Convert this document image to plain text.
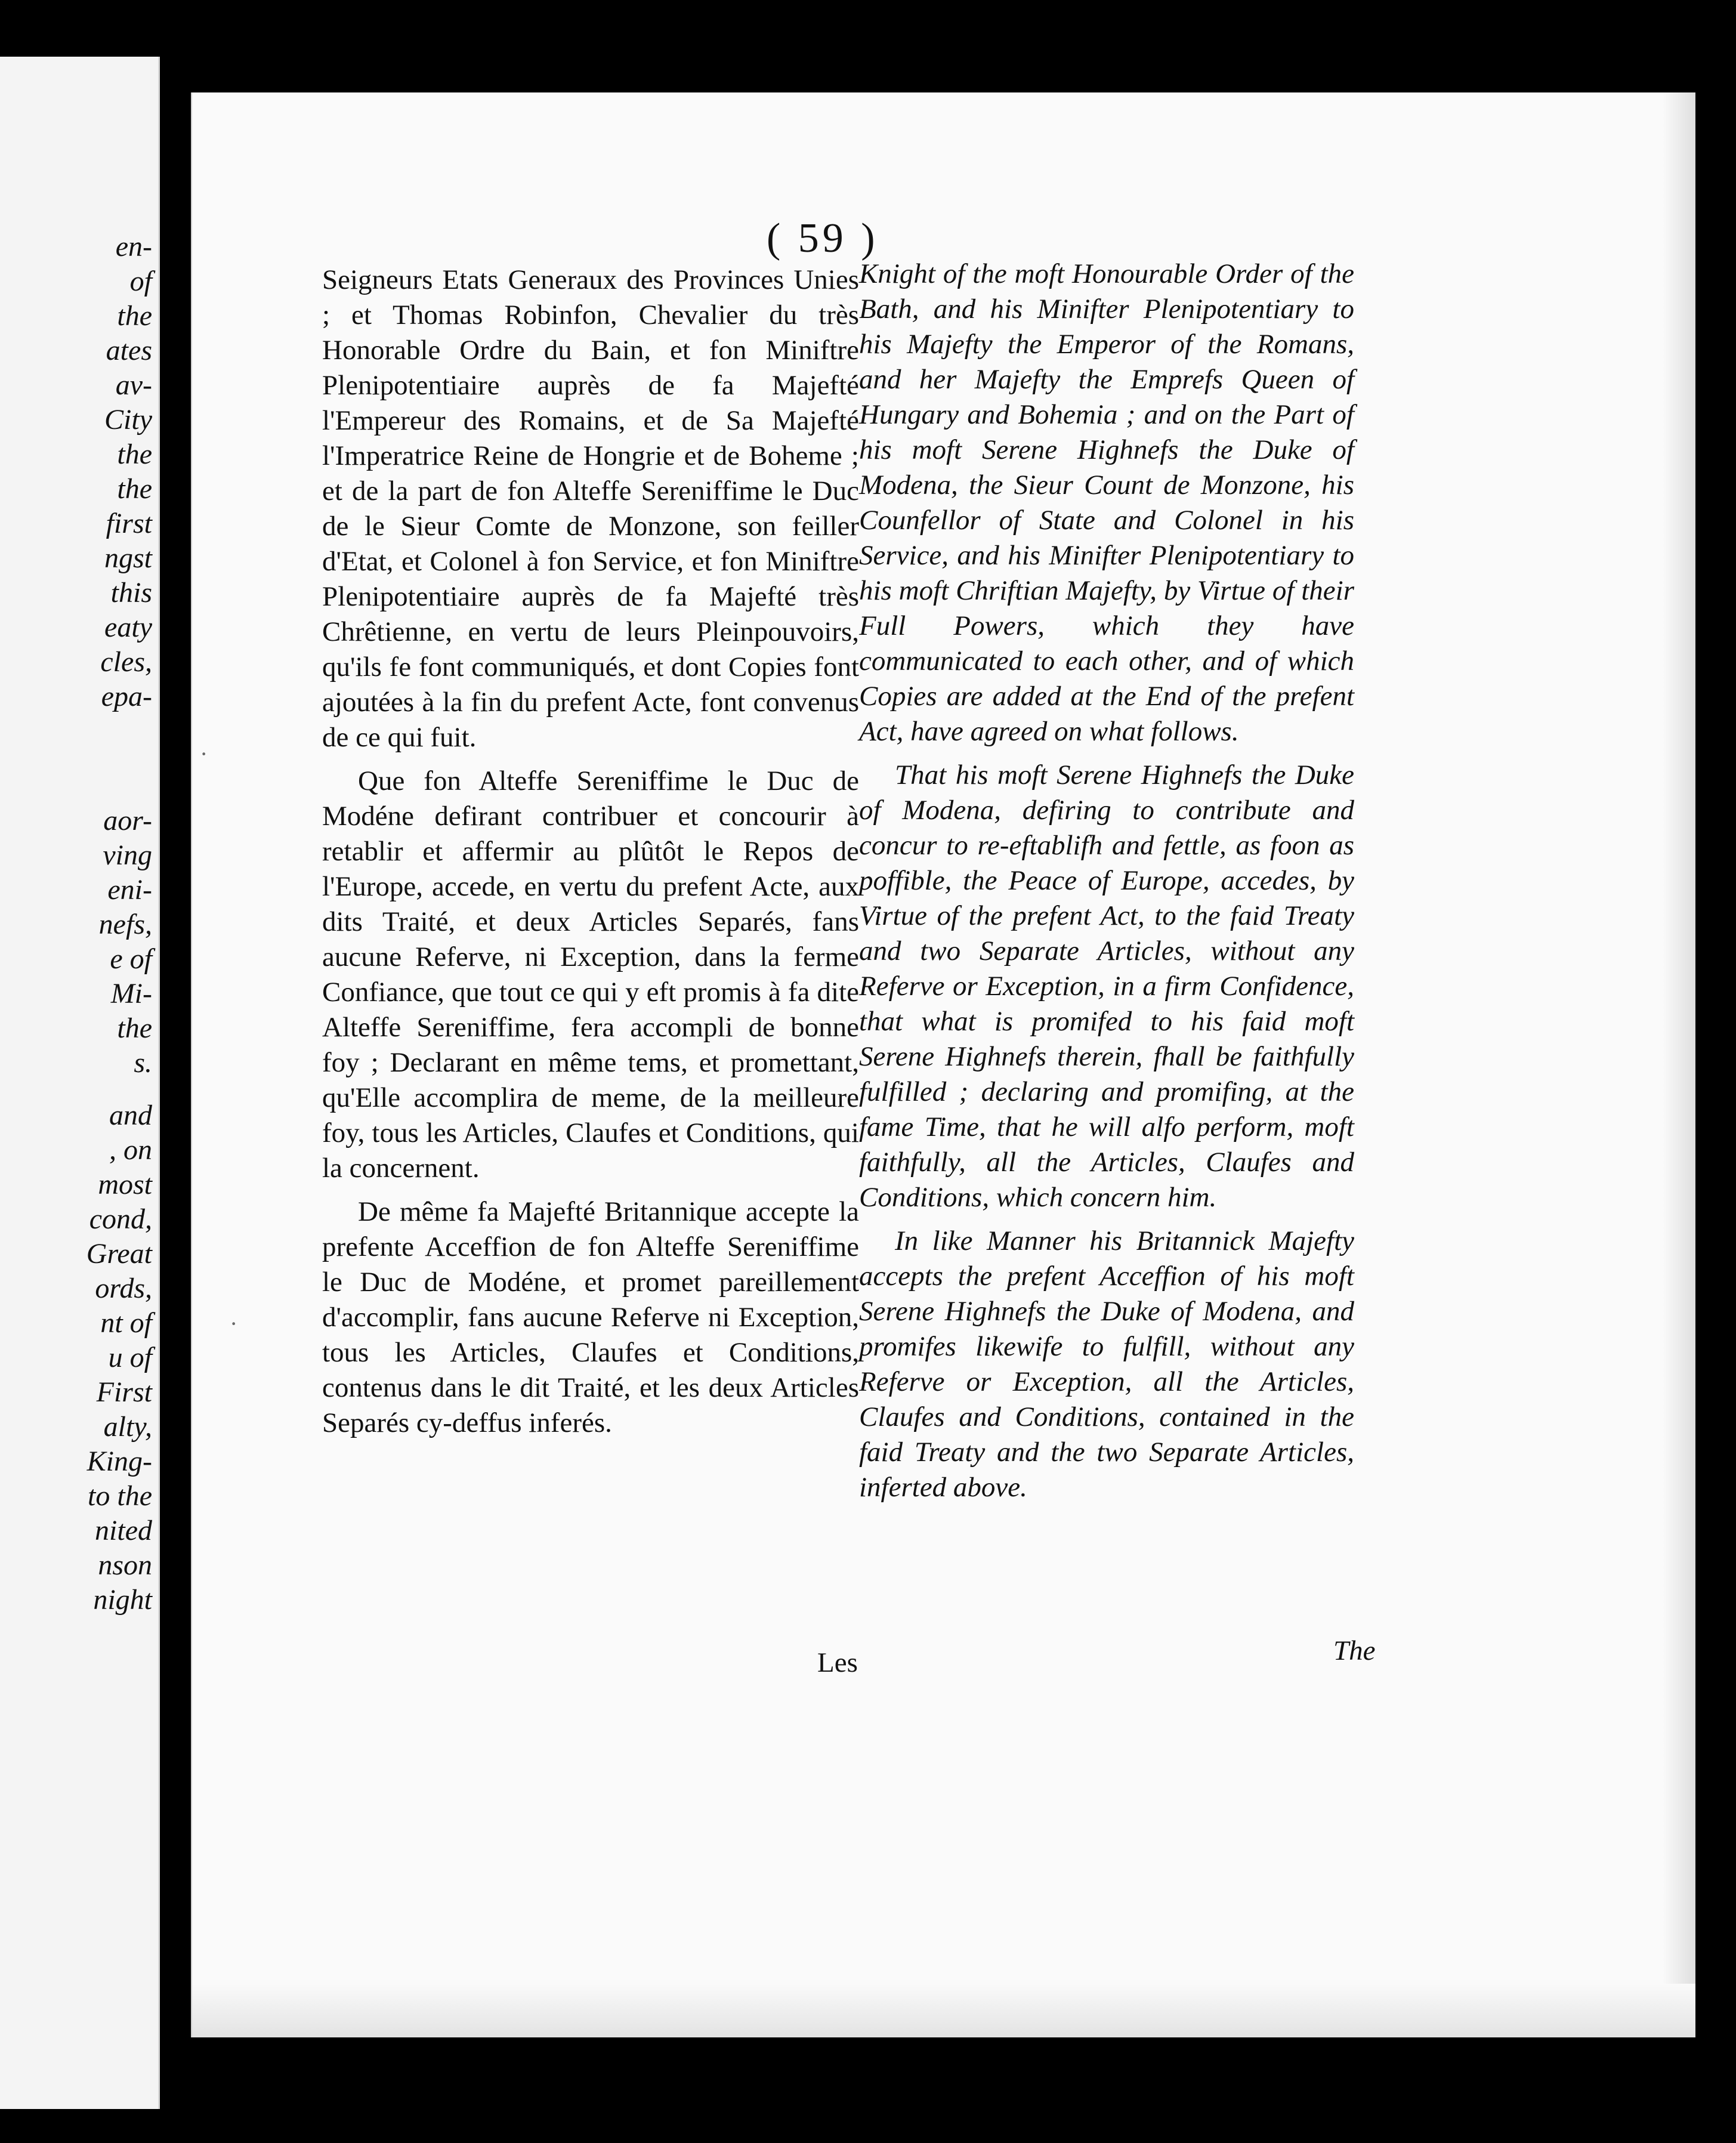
en-
of
the
ates
av-
City
the
the
first
ngst
this
eaty
cles,
epa-
aor-
ving
eni-
nefs,
e of
Mi-
the
s.
and
, on
most
cond,
Great
ords,
nt of
u of
First
alty,
King-
to the
nited
nson
night
( 59 )

Seigneurs Etats Generaux des Provinces Unies ; et Thomas Robinfon, Chevalier du très Honorable Ordre du Bain, et fon Miniftre Plenipotentiaire auprès de fa Majefté l'Empereur des Romains, et de Sa Majefté l'Imperatrice Reine de Hongrie et de Boheme ; et de la part de fon Alteffe Sereniffime le Duc de le Sieur Comte de Monzone, son feiller d'Etat, et Colonel à fon Service, et fon Miniftre Plenipotentiaire auprès de fa Majefté très Chrêtienne, en vertu de leurs Pleinpouvoirs, qu'ils fe font communiqués, et dont Copies font ajoutées à la fin du prefent Acte, font convenus de ce qui fuit.

Que fon Alteffe Sereniffime le Duc de Modéne defirant contribuer et concourir à retablir et affermir au plûtôt le Repos de l'Europe, accede, en vertu du prefent Acte, aux dits Traité, et deux Articles Separés, fans aucune Referve, ni Exception, dans la ferme Confiance, que tout ce qui y eft promis à fa dite Alteffe Sereniffime, fera accompli de bonne foy ; Declarant en même tems, et promettant, qu'Elle accomplira de meme, de la meilleure foy, tous les Articles, Claufes et Conditions, qui la concernent.

De même fa Majefté Britannique accepte la prefente Acceffion de fon Alteffe Sereniffime le Duc de Modéne, et promet pareillement d'accomplir, fans aucune Referve ni Exception, tous les Articles, Claufes et Conditions, contenus dans le dit Traité, et les deux Articles Separés cy-deffus inferés.

Knight of the moft Honourable Order of the Bath, and his Minifter Plenipotentiary to his Majefty the Emperor of the Romans, and her Majefty the Emprefs Queen of Hungary and Bohemia ; and on the Part of his moft Serene Highnefs the Duke of Modena, the Sieur Count de Monzone, his Counfellor of State and Colonel in his Service, and his Minifter Plenipotentiary to his moft Chriftian Majefty, by Virtue of their Full Powers, which they have communicated to each other, and of which Copies are added at the End of the prefent Act, have agreed on what follows.

That his moft Serene Highnefs the Duke of Modena, defiring to contribute and concur to re-eftablifh and fettle, as foon as poffible, the Peace of Europe, accedes, by Virtue of the prefent Act, to the faid Treaty and two Separate Articles, without any Referve or Exception, in a firm Confidence, that what is promifed to his faid moft Serene Highnefs therein, fhall be faithfully fulfilled ; declaring and promifing, at the fame Time, that he will alfo perform, moft faithfully, all the Articles, Claufes and Conditions, which concern him.

In like Manner his Britannick Majefty accepts the prefent Acceffion of his moft Serene Highnefs the Duke of Modena, and promifes likewife to fulfill, without any Referve or Exception, all the Articles, Claufes and Conditions, contained in the faid Treaty and the two Separate Articles, inferted above.

Les	The
·
·
